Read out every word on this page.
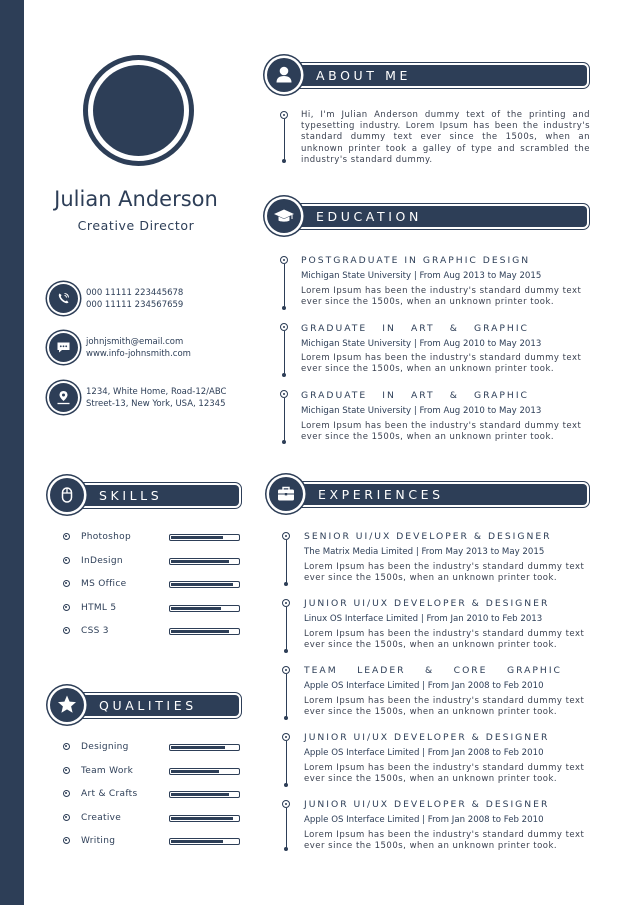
Julian Anderson
Creative Director
000 11111 223445678
000 11111 234567659
johnjsmith@email.com
www.info-johnsmith.com
1234, White Home, Road-12/ABC
Street-13, New York, USA, 12345
ABOUT ME
Hi, I'm Julian Anderson dummy text of the printing and typesetting industry. Lorem Ipsum has been the industry's standard dummy text ever since the 1500s, when an unknown printer took a galley of type and scrambled the industry's standard dummy.
EDUCATION
POSTGRADUATE IN GRAPHIC DESIGN
Michigan State University | From Aug 2013 to May 2015
Lorem Ipsum has been the industry's standard dummy text
ever since the 1500s, when an unknown printer took.
GRADUATE IN ART & GRAPHIC
Michigan State University | From Aug 2010 to May 2013
Lorem Ipsum has been the industry's standard dummy text
ever since the 1500s, when an unknown printer took.
GRADUATE IN ART & GRAPHIC
Michigan State University | From Aug 2010 to May 2013
Lorem Ipsum has been the industry's standard dummy text
ever since the 1500s, when an unknown printer took.
SKILLS
Photoshop
InDesign
MS Office
HTML 5
CSS 3
QUALITIES
Designing
Team Work
Art & Crafts
Creative
Writing
EXPERIENCES
SENIOR UI/UX DEVELOPER & DESIGNER
The Matrix Media Limited | From May 2013 to May 2015
Lorem Ipsum has been the industry's standard dummy text
ever since the 1500s, when an unknown printer took.
JUNIOR UI/UX DEVELOPER & DESIGNER
Linux OS Interface Limited | From Jan 2010 to Feb 2013
Lorem Ipsum has been the industry's standard dummy text
ever since the 1500s, when an unknown printer took.
TEAM LEADER & CORE GRAPHIC
Apple OS Interface Limited | From Jan 2008 to Feb 2010
Lorem Ipsum has been the industry's standard dummy text
ever since the 1500s, when an unknown printer took.
JUNIOR UI/UX DEVELOPER & DESIGNER
Apple OS Interface Limited | From Jan 2008 to Feb 2010
Lorem Ipsum has been the industry's standard dummy text
ever since the 1500s, when an unknown printer took.
JUNIOR UI/UX DEVELOPER & DESIGNER
Apple OS Interface Limited | From Jan 2008 to Feb 2010
Lorem Ipsum has been the industry's standard dummy text
ever since the 1500s, when an unknown printer took.
